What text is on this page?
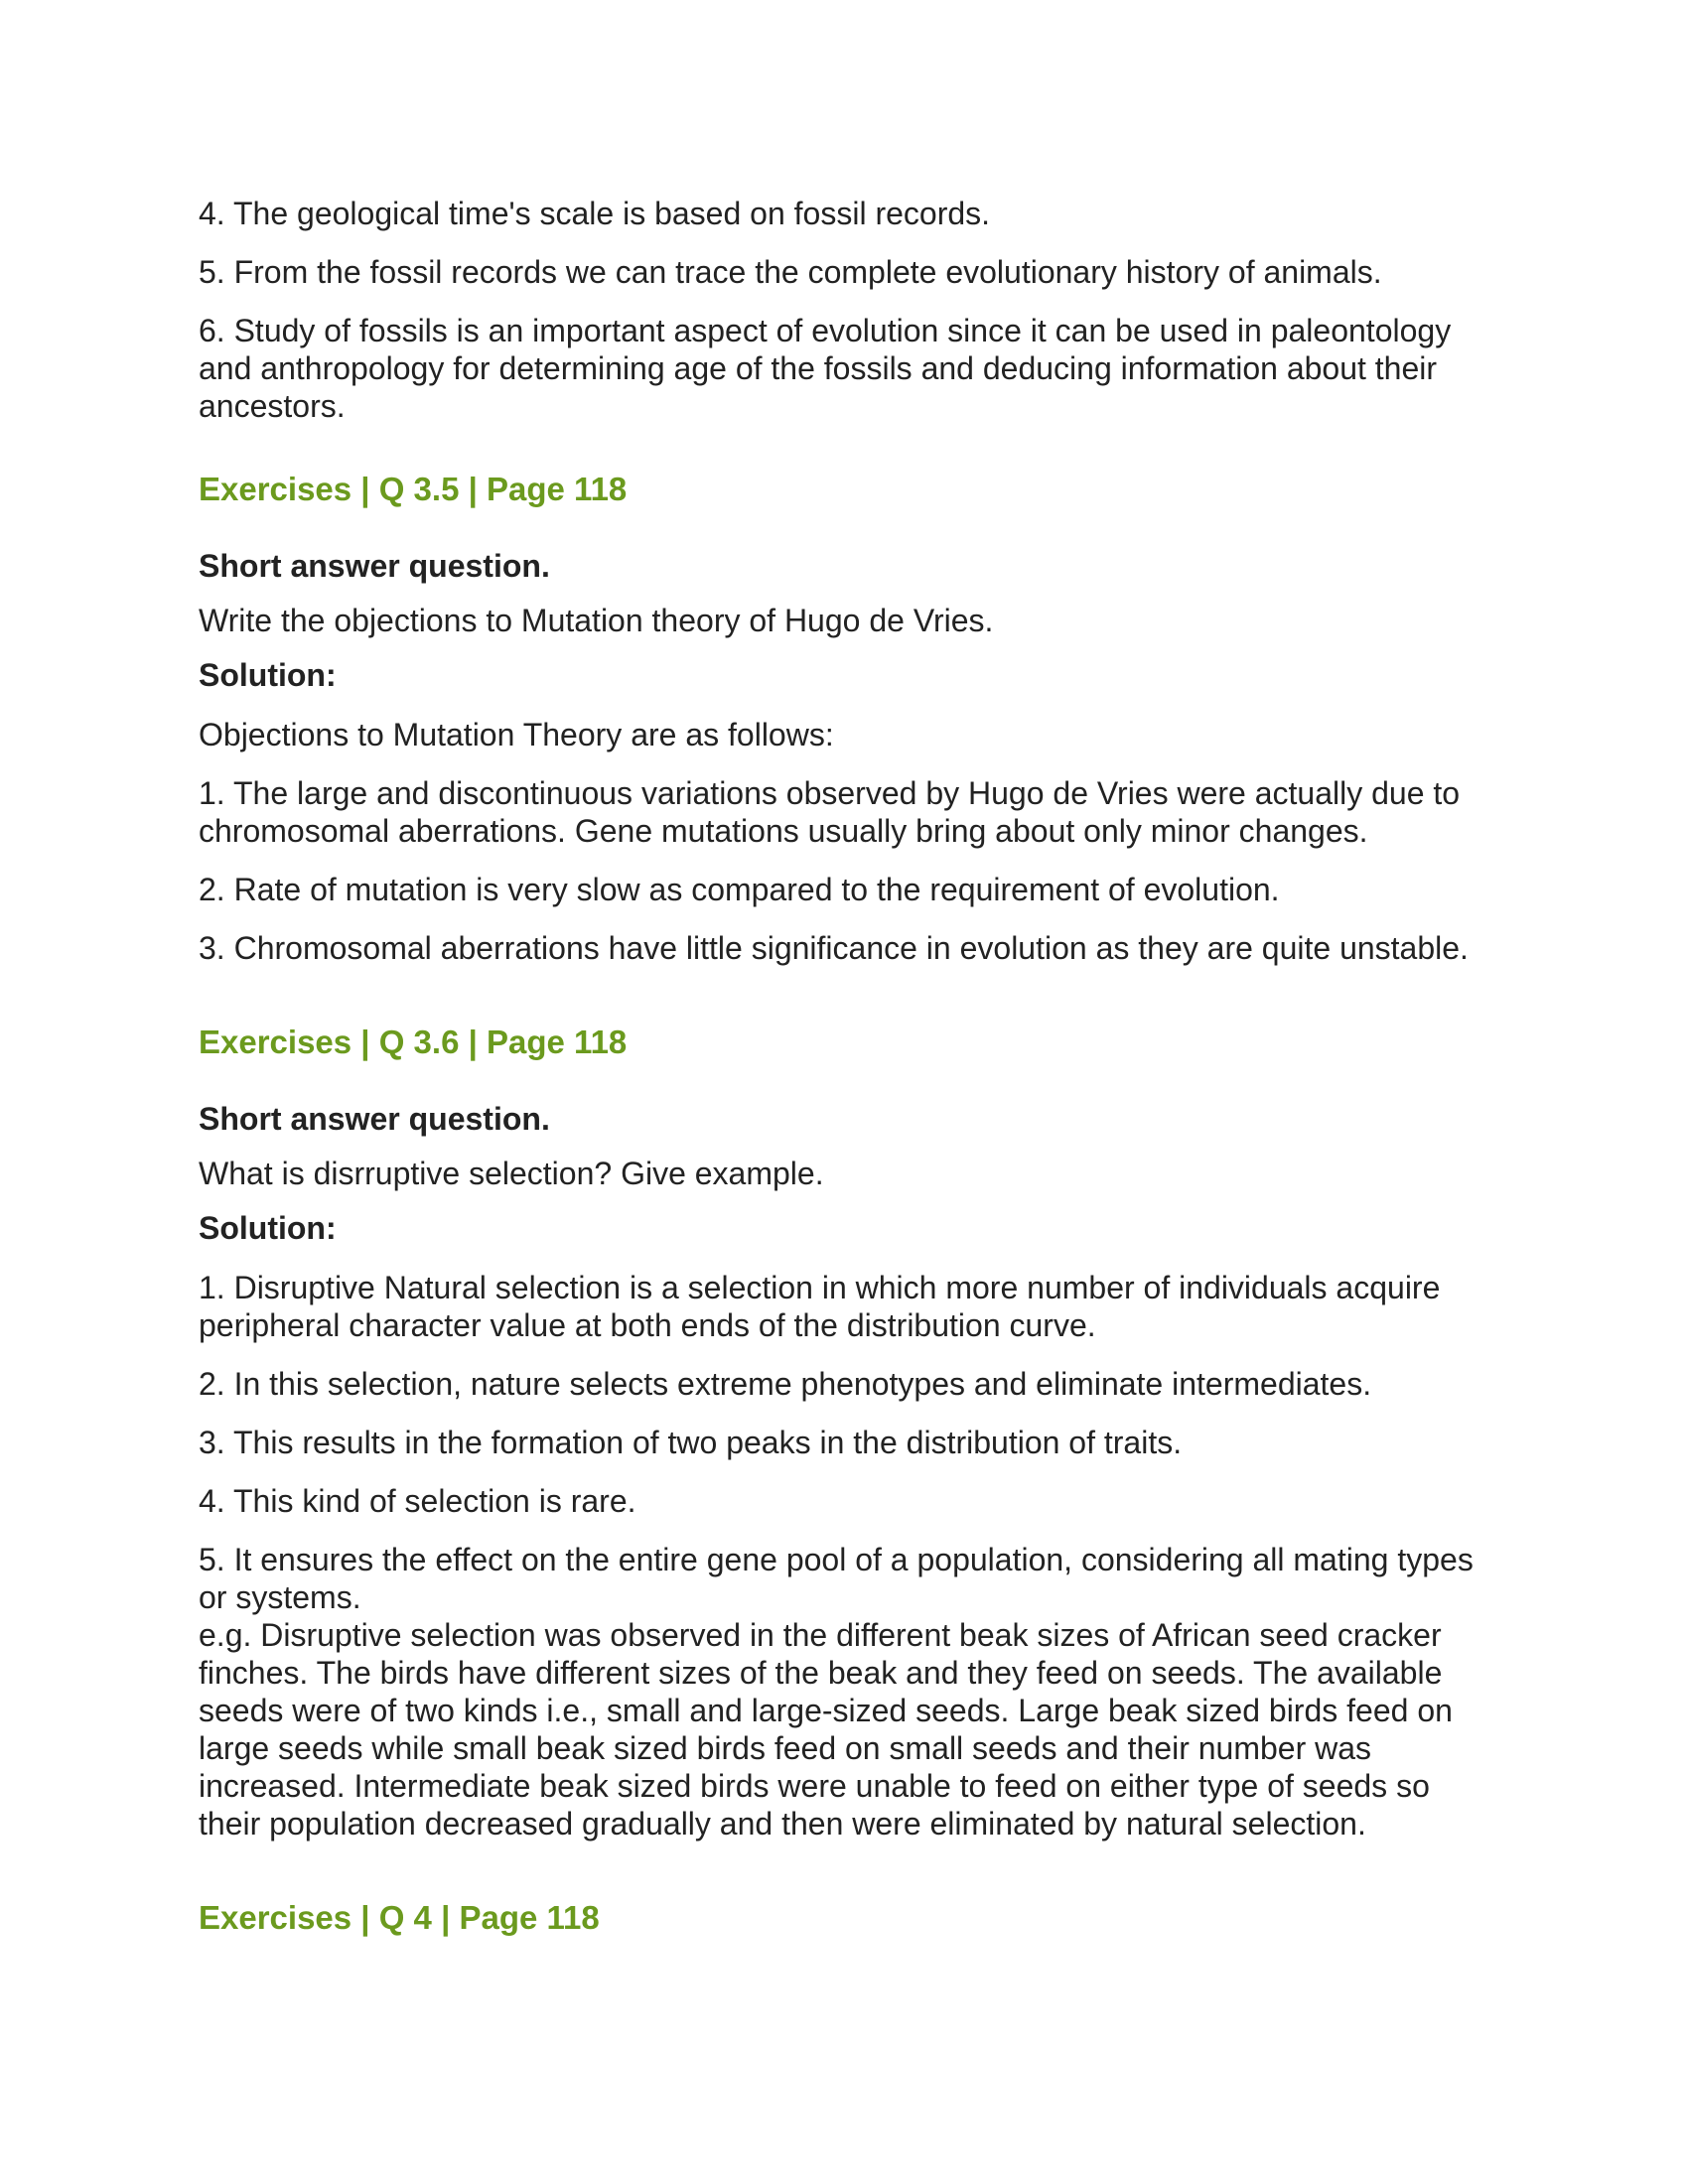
4. The geological time's scale is based on fossil records.

5. From the fossil records we can trace the complete evolutionary history of animals.

6. Study of fossils is an important aspect of evolution since it can be used in paleontology and anthropology for determining age of the fossils and deducing information about their ancestors.

Exercises | Q 3.5 | Page 118

Short answer question.

Write the objections to Mutation theory of Hugo de Vries.

Solution:

Objections to Mutation Theory are as follows:

1. The large and discontinuous variations observed by Hugo de Vries were actually due to chromosomal aberrations. Gene mutations usually bring about only minor changes.

2. Rate of mutation is very slow as compared to the requirement of evolution.

3. Chromosomal aberrations have little significance in evolution as they are quite unstable.

Exercises | Q 3.6 | Page 118

Short answer question.

What is disrruptive selection? Give example.

Solution:

1. Disruptive Natural selection is a selection in which more number of individuals acquire peripheral character value at both ends of the distribution curve.

2. In this selection, nature selects extreme phenotypes and eliminate intermediates.

3. This results in the formation of two peaks in the distribution of traits.

4. This kind of selection is rare.

5. It ensures the effect on the entire gene pool of a population, considering all mating types or systems.

e.g. Disruptive selection was observed in the different beak sizes of African seed cracker finches. The birds have different sizes of the beak and they feed on seeds. The available seeds were of two kinds i.e., small and large-sized seeds. Large beak sized birds feed on large seeds while small beak sized birds feed on small seeds and their number was increased. Intermediate beak sized birds were unable to feed on either type of seeds so their population decreased gradually and then were eliminated by natural selection.

Exercises | Q 4 | Page 118
